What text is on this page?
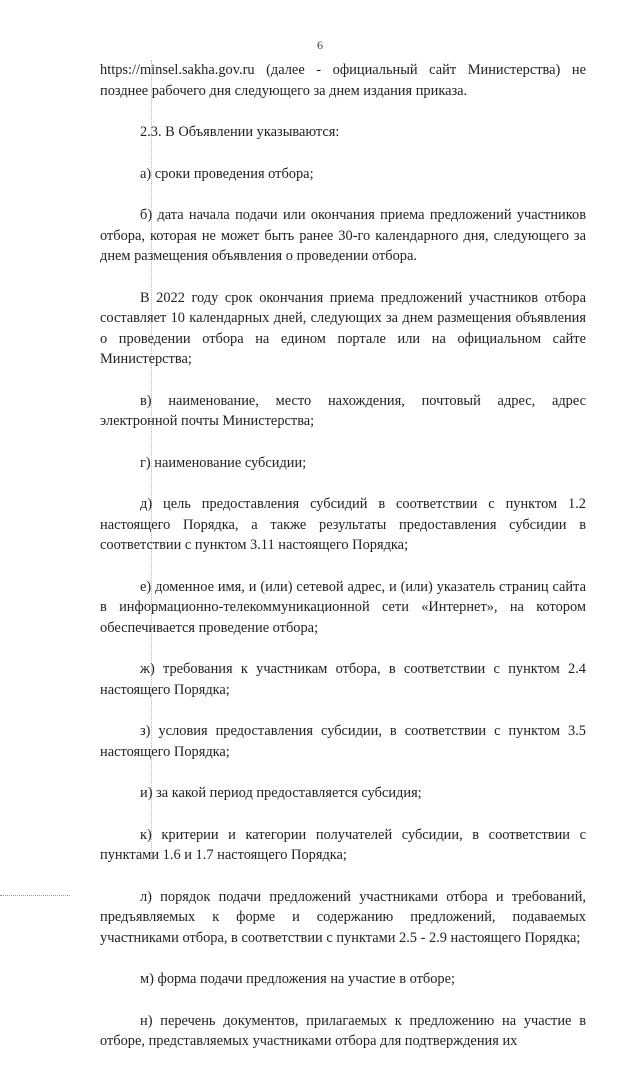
6

https://minsel.sakha.gov.ru (далее - официальный сайт Министерства) не позднее рабочего дня следующего за днем издания приказа.

2.3. В Объявлении указываются:

а) сроки проведения отбора;

б) дата начала подачи или окончания приема предложений участников отбора, которая не может быть ранее 30-го календарного дня, следующего за днем размещения объявления о проведении отбора.

В 2022 году срок окончания приема предложений участников отбора составляет 10 календарных дней, следующих за днем размещения объявления о проведении отбора на едином портале или на официальном сайте Министерства;

в) наименование, место нахождения, почтовый адрес, адрес электронной почты Министерства;

г) наименование субсидии;

д) цель предоставления субсидий в соответствии с пунктом 1.2 настоящего Порядка, а также результаты предоставления субсидии в соответствии с пунктом 3.11 настоящего Порядка;

е) доменное имя, и (или) сетевой адрес, и (или) указатель страниц сайта в информационно-телекоммуникационной сети «Интернет», на котором обеспечивается проведение отбора;

ж) требования к участникам отбора, в соответствии с пунктом 2.4 настоящего Порядка;

з) условия предоставления субсидии, в соответствии с пунктом 3.5 настоящего Порядка;

и) за какой период предоставляется субсидия;

к) критерии и категории получателей субсидии, в соответствии с пунктами 1.6 и 1.7 настоящего Порядка;

л) порядок подачи предложений участниками отбора и требований, предъявляемых к форме и содержанию предложений, подаваемых участниками отбора, в соответствии с пунктами 2.5 - 2.9 настоящего Порядка;

м) форма подачи предложения на участие в отборе;

н) перечень документов, прилагаемых к предложению на участие в отборе, представляемых участниками отбора для подтверждения их
